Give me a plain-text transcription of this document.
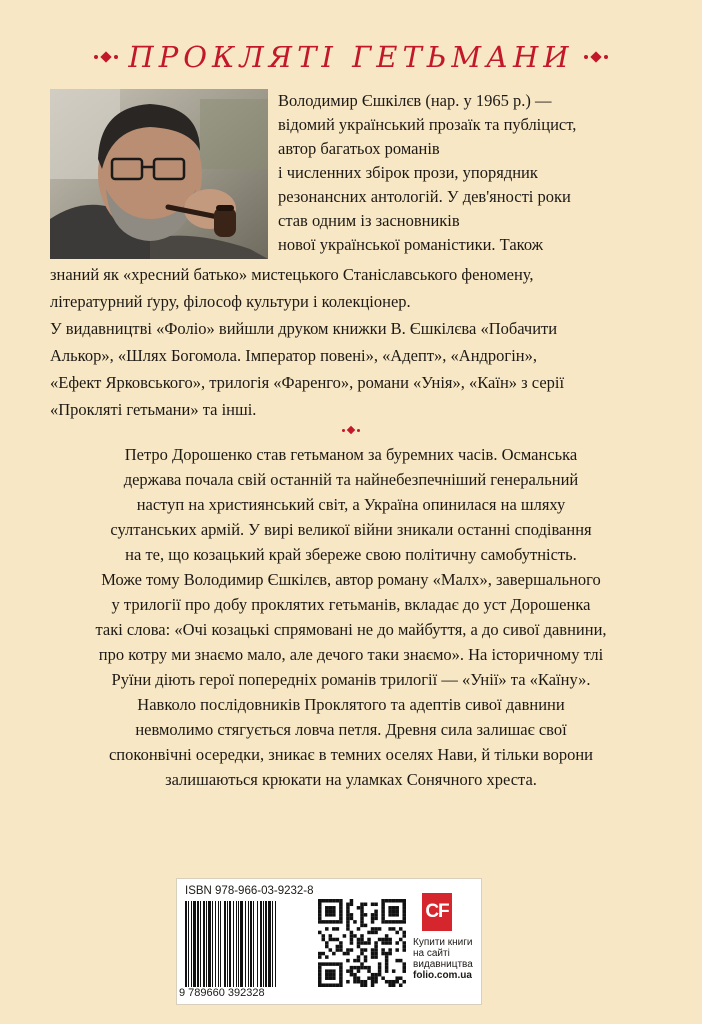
ПРОКЛЯТІ ГЕТЬМАНИ
Володимир Єшкілєв (нар. у 1965 р.) —
відомий український прозаїк та публіцист,
автор багатьох романів
і численних збірок прози, упорядник
резонансних антологій. У дев'яності роки
став одним із засновників
нової української романістики. Також
знаний як «хресний батько» мистецького Станіславського феномену,
літературний ґуру, філософ культури і колекціонер.
У видавництві «Фоліо» вийшли друком книжки В. Єшкілєва «Побачити
Алькор», «Шлях Богомола. Імператор повені», «Адепт», «Андрогін»,
«Ефект Ярковського», трилогія «Фаренго», романи «Унія», «Каїн» з серії
«Прокляті гетьмани» та інші.
Петро Дорошенко став гетьманом за буремних часів. Османська
держава почала свій останній та найнебезпечніший генеральний
наступ на християнський світ, а Україна опинилася на шляху
султанських армій. У вирі великої війни зникали останні сподівання
на те, що козацький край збереже свою політичну самобутність.
Може тому Володимир Єшкілєв, автор роману «Малх», завершального
у трилогії про добу проклятих гетьманів, вкладає до уст Дорошенка
такі слова: «Очі козацькі спрямовані не до майбуття, а до сивої давнини,
про котру ми знаємо мало, але дечого таки знаємо». На історичному тлі
Руїни діють герої попередніх романів трилогії — «Унії» та «Каїну».
Навколо послідовників Проклятого та адептів сивої давнини
невмолимо стягується ловча петля. Древня сила залишає свої
споконвічні осередки, зникає в темних оселях Нави, й тільки ворони
залишаються крюкати на уламках Сонячного хреста.
ISBN 978-966-03-9232-8
9 789660 392328
CF
Купити книги
на сайті
видавництва
folio.com.ua
